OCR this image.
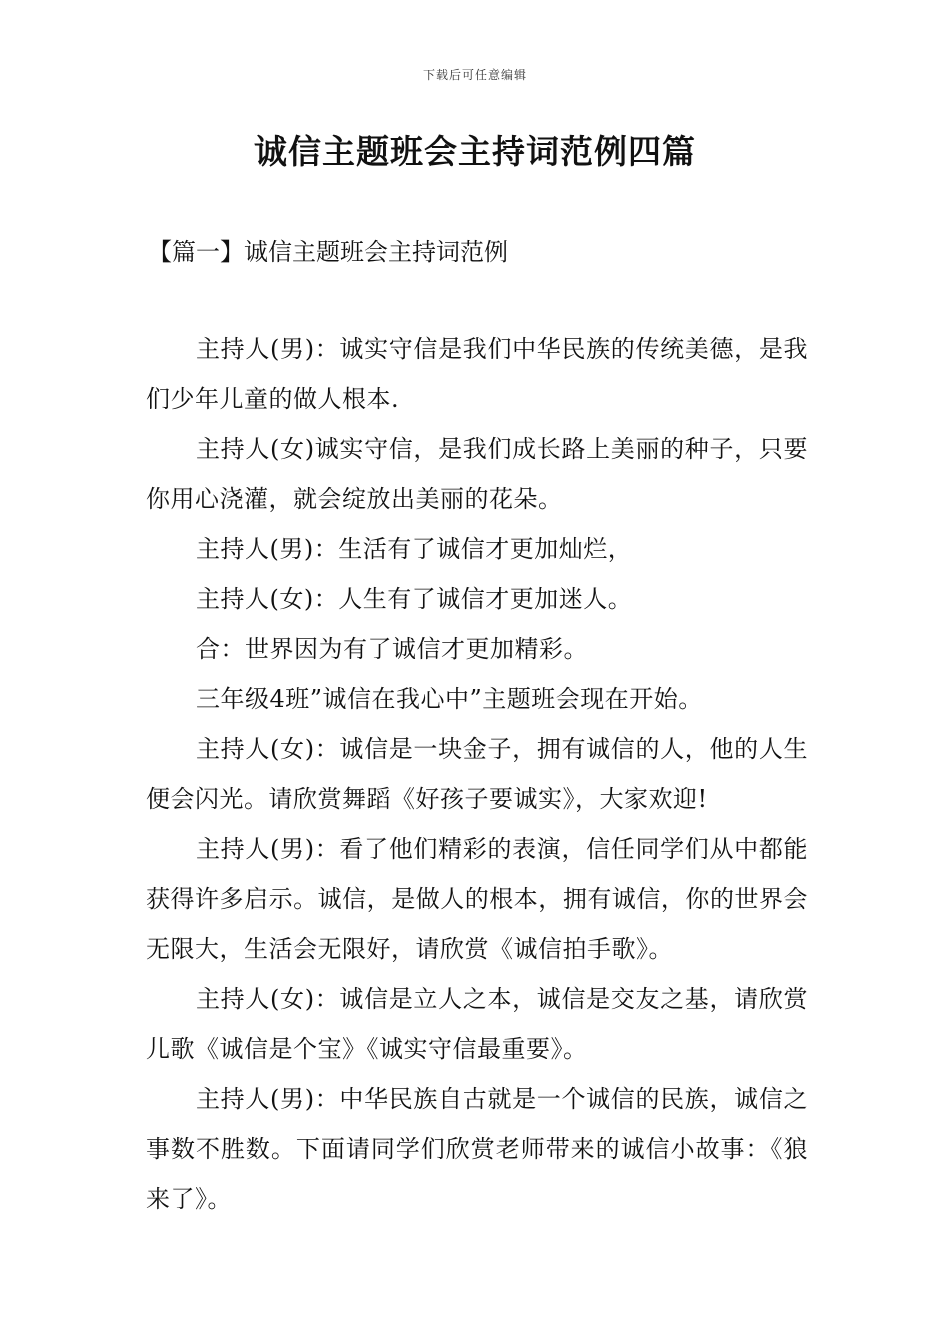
下载后可任意编辑
诚信主题班会主持词范例四篇
【篇一】诚信主题班会主持词范例

主持人(男)：诚实守信是我们中华民族的传统美德，是我们少年儿童的做人根本.

主持人(女)诚实守信，是我们成长路上美丽的种子，只要你用心浇灌，就会绽放出美丽的花朵。

主持人(男)：生活有了诚信才更加灿烂，

主持人(女)：人生有了诚信才更加迷人。

合：世界因为有了诚信才更加精彩。

三年级4班”诚信在我心中”主题班会现在开始。

主持人(女)：诚信是一块金子，拥有诚信的人，他的人生便会闪光。请欣赏舞蹈《好孩子要诚实》，大家欢迎!

主持人(男)：看了他们精彩的表演，信任同学们从中都能获得许多启示。诚信，是做人的根本，拥有诚信，你的世界会无限大，生活会无限好，请欣赏《诚信拍手歌》。

主持人(女)：诚信是立人之本，诚信是交友之基，请欣赏儿歌《诚信是个宝》《诚实守信最重要》。

主持人(男)：中华民族自古就是一个诚信的民族，诚信之事数不胜数。下面请同学们欣赏老师带来的诚信小故事：《狼来了》。
